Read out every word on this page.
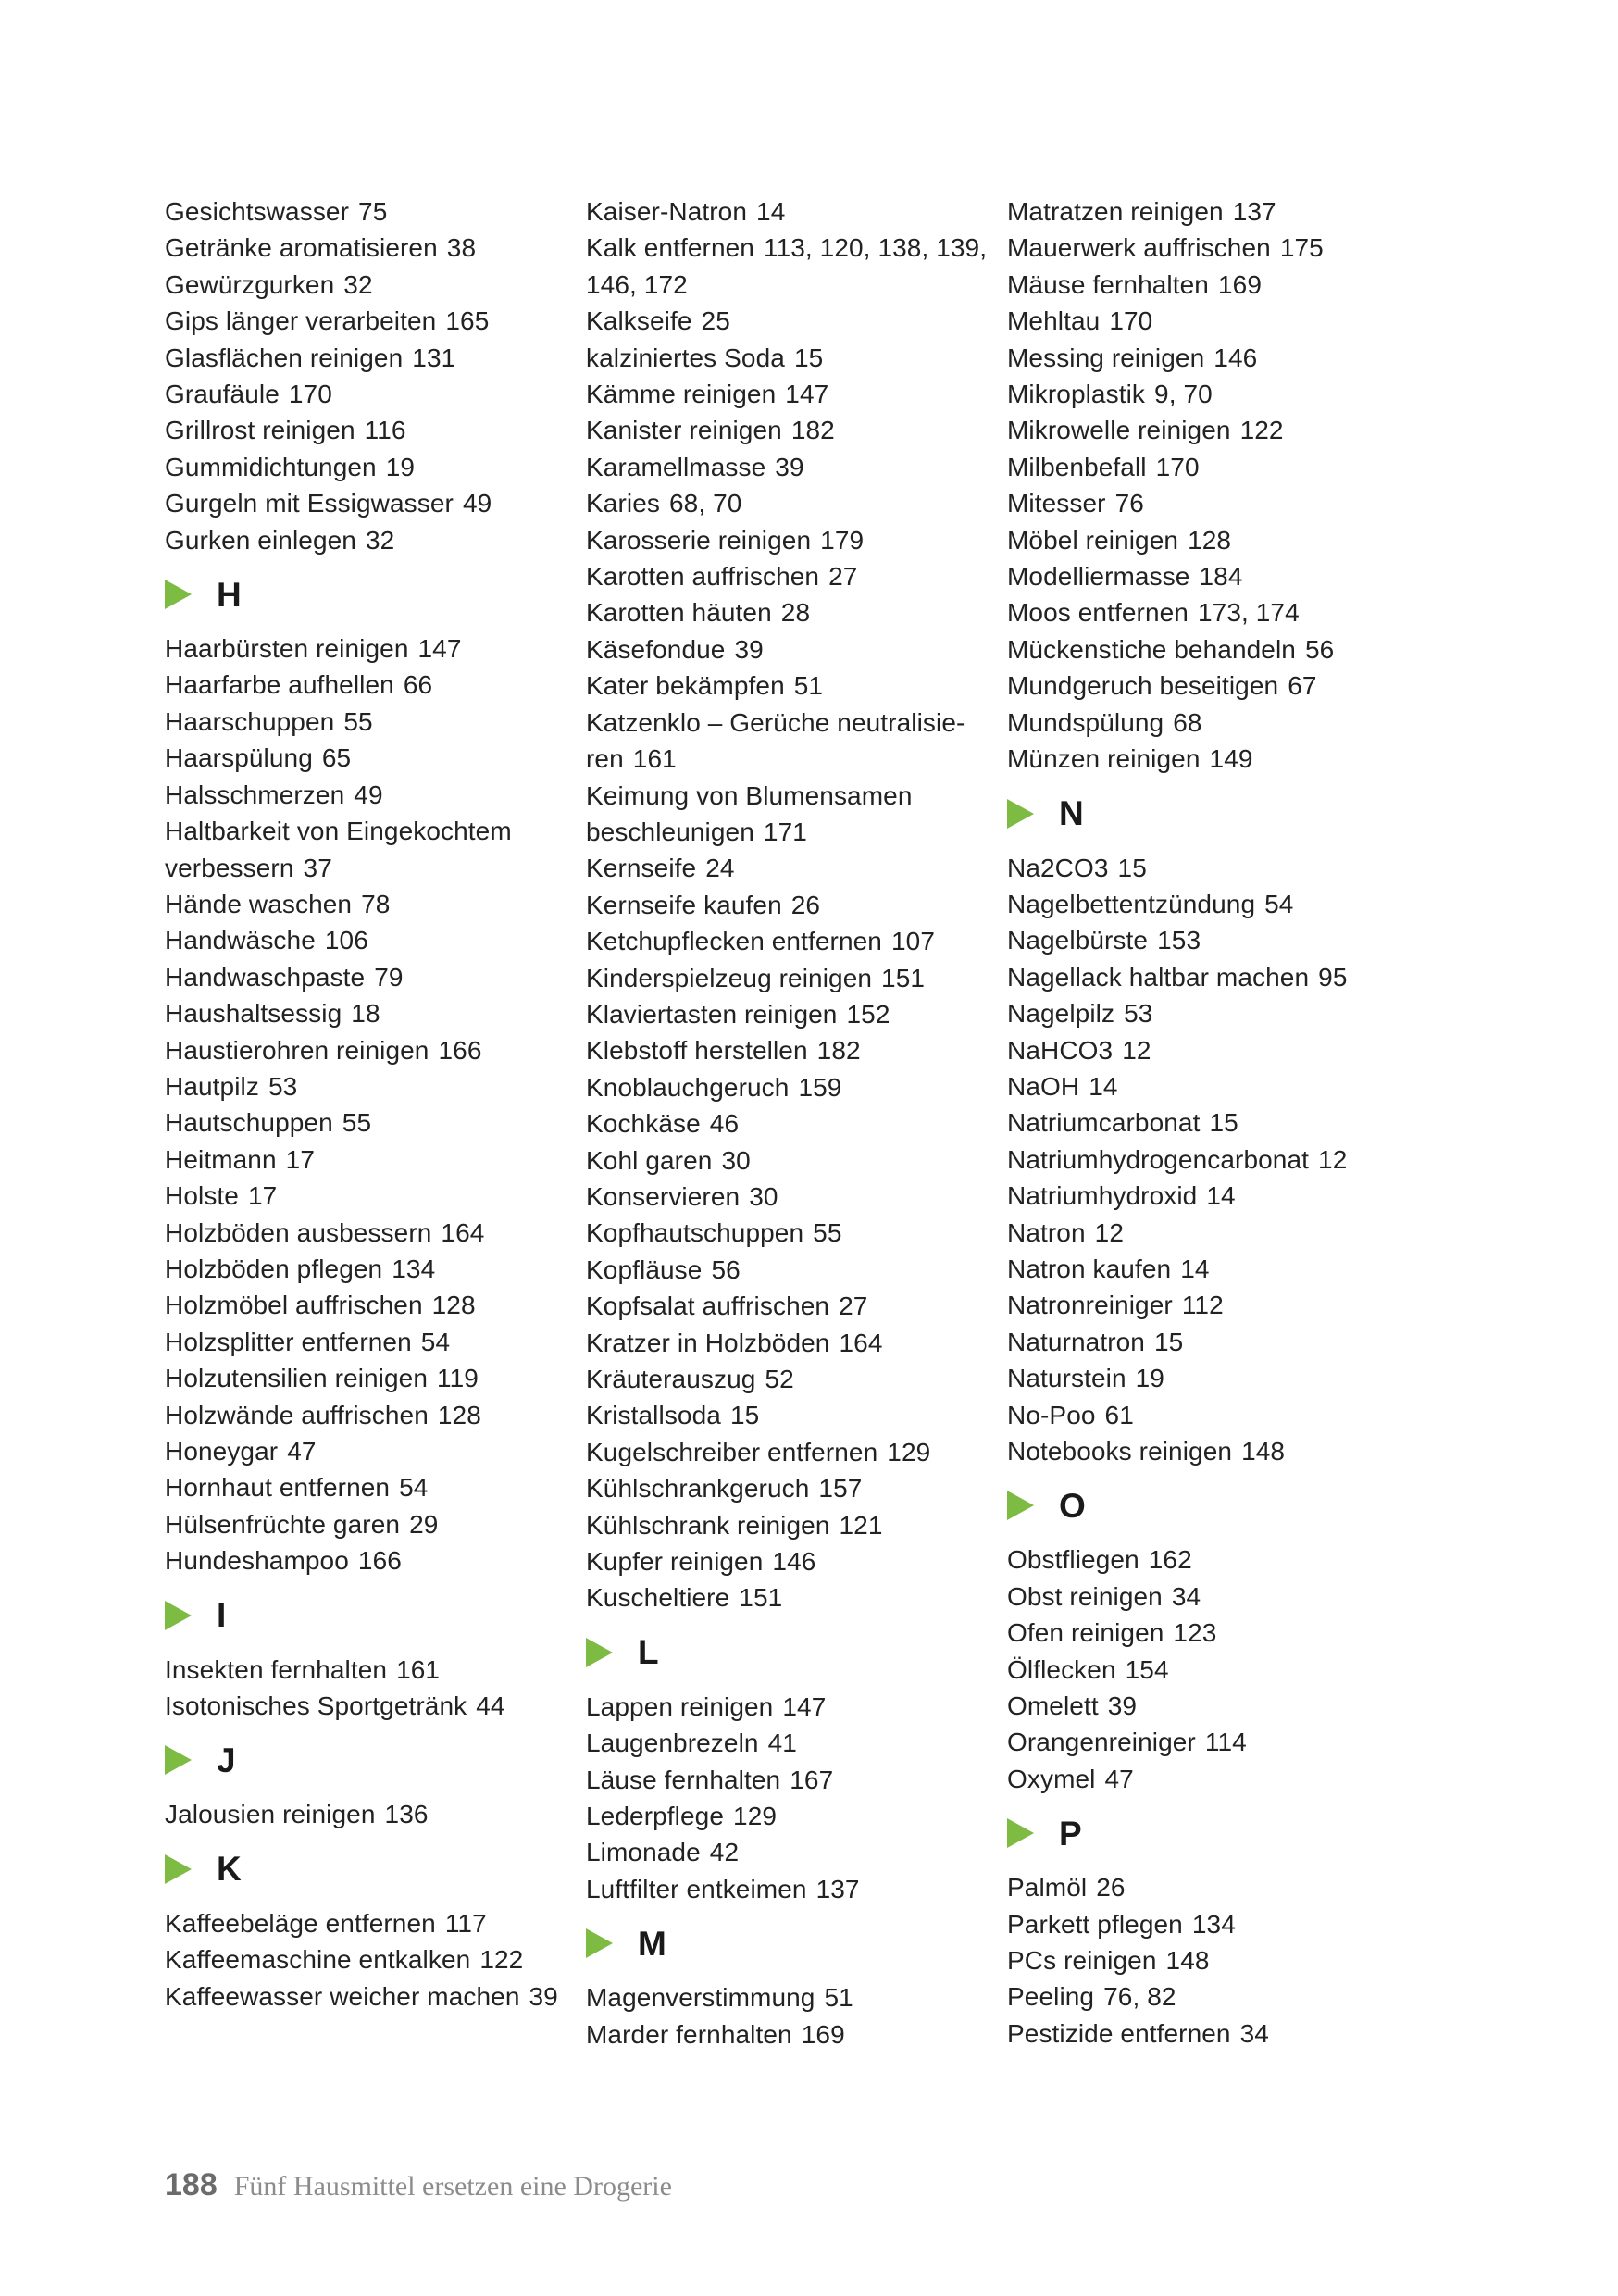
Gesichtswasser 75

Getränke aromatisieren 38

Gewürzgurken 32

Gips länger verarbeiten 165

Glasflächen reinigen 131

Graufäule 170

Grillrost reinigen 116

Gummidichtungen 19

Gurgeln mit Essigwasser 49

Gurken einlegen 32

H

Haarbürsten reinigen 147

Haarfarbe aufhellen 66

Haarschuppen 55

Haarspülung 65

Halsschmerzen 49

Haltbarkeit von Eingekochtem verbessern 37

Hände waschen 78

Handwäsche 106

Handwaschpaste 79

Haushaltsessig 18

Haustierohren reinigen 166

Hautpilz 53

Hautschuppen 55

Heitmann 17

Holste 17

Holzböden ausbessern 164

Holzböden pflegen 134

Holzmöbel auffrischen 128

Holzsplitter entfernen 54

Holzutensilien reinigen 119

Holzwände auffrischen 128

Honeygar 47

Hornhaut entfernen 54

Hülsenfrüchte garen 29

Hundeshampoo 166

I

Insekten fernhalten 161

Isotonisches Sportgetränk 44

J

Jalousien reinigen 136

K

Kaffeebeläge entfernen 117

Kaffeemaschine entkalken 122

Kaffeewasser weicher machen 39

Kaiser-Natron 14

Kalk entfernen 113, 120, 138, 139, 146, 172

Kalkseife 25

kalziniertes Soda 15

Kämme reinigen 147

Kanister reinigen 182

Karamellmasse 39

Karies 68, 70

Karosserie reinigen 179

Karotten auffrischen 27

Karotten häuten 28

Käsefondue 39

Kater bekämpfen 51

Katzenklo – Gerüche neutralisie-ren 161

Keimung von Blumensamen beschleunigen 171

Kernseife 24

Kernseife kaufen 26

Ketchupflecken entfernen 107

Kinderspielzeug reinigen 151

Klaviertasten reinigen 152

Klebstoff herstellen 182

Knoblauchgeruch 159

Kochkäse 46

Kohl garen 30

Konservieren 30

Kopfhautschuppen 55

Kopfläuse 56

Kopfsalat auffrischen 27

Kratzer in Holzböden 164

Kräuterauszug 52

Kristallsoda 15

Kugelschreiber entfernen 129

Kühlschrankgeruch 157

Kühlschrank reinigen 121

Kupfer reinigen 146

Kuscheltiere 151

L

Lappen reinigen 147

Laugenbrezeln 41

Läuse fernhalten 167

Lederpflege 129

Limonade 42

Luftfilter entkeimen 137

M

Magenverstimmung 51

Marder fernhalten 169

Matratzen reinigen 137

Mauerwerk auffrischen 175

Mäuse fernhalten 169

Mehltau 170

Messing reinigen 146

Mikroplastik 9, 70

Mikrowelle reinigen 122

Milbenbefall 170

Mitesser 76

Möbel reinigen 128

Modelliermasse 184

Moos entfernen 173, 174

Mückenstiche behandeln 56

Mundgeruch beseitigen 67

Mundspülung 68

Münzen reinigen 149

N

Na2CO3 15

Nagelbettentzündung 54

Nagelbürste 153

Nagellack haltbar machen 95

Nagelpilz 53

NaHCO3 12

NaOH 14

Natriumcarbonat 15

Natriumhydrogencarbonat 12

Natriumhydroxid 14

Natron 12

Natron kaufen 14

Natronreiniger 112

Naturnatron 15

Naturstein 19

No-Poo 61

Notebooks reinigen 148

O

Obstfliegen 162

Obst reinigen 34

Ofen reinigen 123

Ölflecken 154

Omelett 39

Orangenreiniger 114

Oxymel 47

P

Palmöl 26

Parkett pflegen 134

PCs reinigen 148

Peeling 76, 82

Pestizide entfernen 34

188 Fünf Hausmittel ersetzen eine Drogerie
